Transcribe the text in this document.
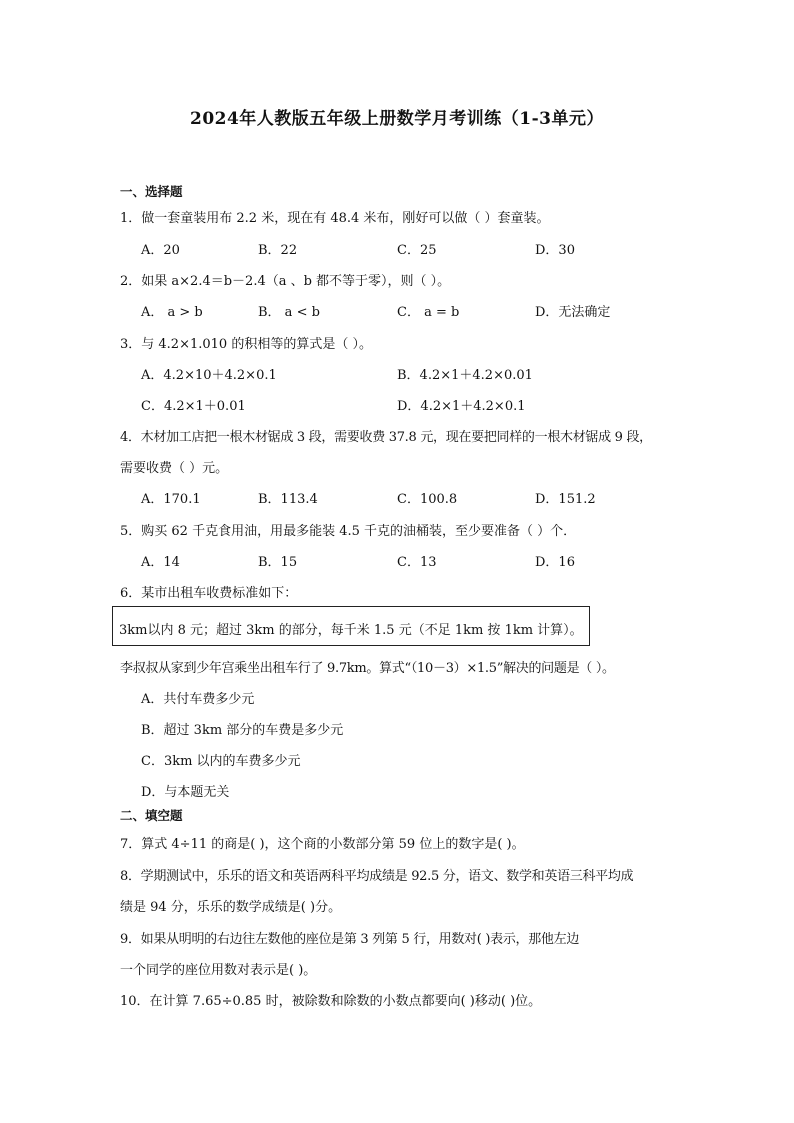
2024年人教版五年级上册数学月考训练（1-3单元）
一、选择题
1．做一套童装用布 2.2 米，现在有 48.4 米布，刚好可以做（ ）套童装。
A．20	B．22	C．25	D．30
2．如果 a×2.4＝b－2.4（a 、b 都不等于零），则（ ）。
A． a > b	B． a < b	C． a = b	D．无法确定
3．与 4.2×1.010 的积相等的算式是（ ）。
A．4.2×10＋4.2×0.1	B．4.2×1＋4.2×0.01
C．4.2×1＋0.01	D．4.2×1＋4.2×0.1
4．木材加工店把一根木材锯成 3 段，需要收费 37.8 元，现在要把同样的一根木材锯成 9 段，
需要收费（ ）元。
A．170.1	B．113.4	C．100.8	D．151.2
5．购买 62 千克食用油，用最多能装 4.5 千克的油桶装，至少要准备（ ）个．
A．14	B．15	C．13	D．16
6．某市出租车收费标准如下：
3km以内 8 元；超过 3km 的部分，每千米 1.5 元（不足 1km 按 1km 计算）。
李叔叔从家到少年宫乘坐出租车行了 9.7km。算式“（10－3）×1.5”解决的问题是（ ）。
A．共付车费多少元
B．超过 3km 部分的车费是多少元
C．3km 以内的车费多少元
D．与本题无关
二、填空题
7．算式 4÷11 的商是( )，这个商的小数部分第 59 位上的数字是( )。
8．学期测试中，乐乐的语文和英语两科平均成绩是 92.5 分，语文、数学和英语三科平均成
绩是 94 分，乐乐的数学成绩是( )分。
9．如果从明明的右边往左数他的座位是第 3 列第 5 行，用数对( )表示，那他左边
一个同学的座位用数对表示是( )。
10．在计算 7.65÷0.85 时，被除数和除数的小数点都要向( )移动( )位。
